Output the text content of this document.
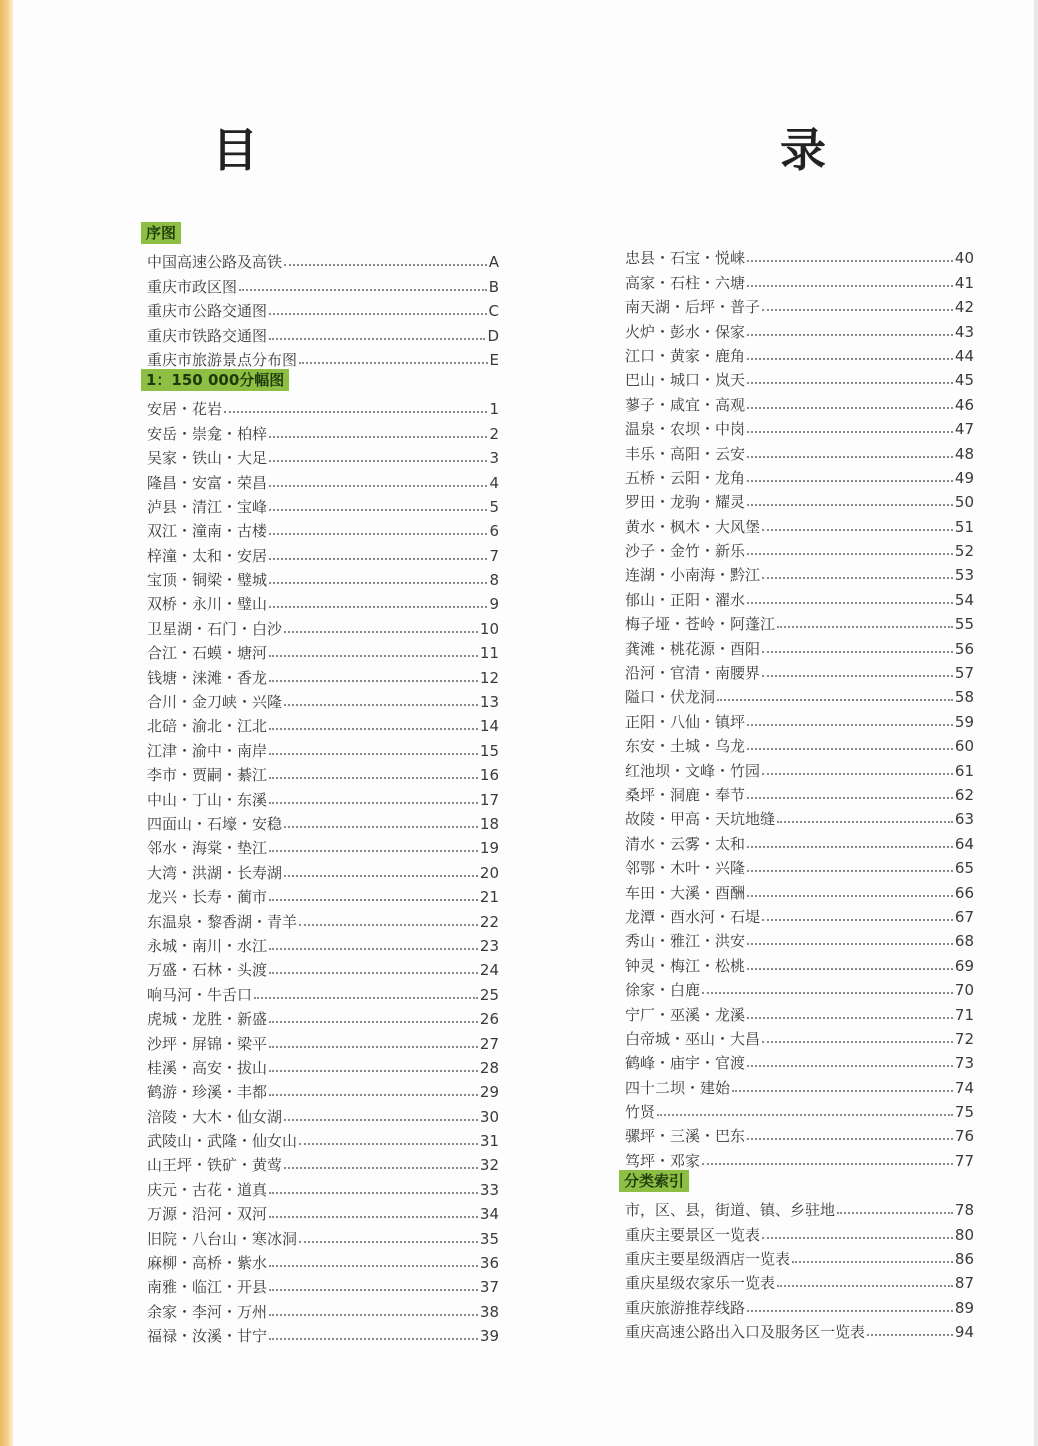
目　　　录
序图
中国高速公路及高铁	A
重庆市政区图	B
重庆市公路交通图	C
重庆市铁路交通图	D
重庆市旅游景点分布图	E
1：150 000分幅图
安居・花岩	1
安岳・崇龛・柏梓	2
吴家・铁山・大足	3
隆昌・安富・荣昌	4
泸县・清江・宝峰	5
双江・潼南・古楼	6
梓潼・太和・安居	7
宝顶・铜梁・璧城	8
双桥・永川・璧山	9
卫星湖・石门・白沙	10
合江・石蟆・塘河	11
钱塘・涞滩・香龙	12
合川・金刀峡・兴隆	13
北碚・渝北・江北	14
江津・渝中・南岸	15
李市・贾嗣・綦江	16
中山・丁山・东溪	17
四面山・石壕・安稳	18
邻水・海棠・垫江	19
大湾・洪湖・长寿湖	20
龙兴・长寿・蔺市	21
东温泉・黎香湖・青羊	22
永城・南川・水江	23
万盛・石林・头渡	24
响马河・牛舌口	25
虎城・龙胜・新盛	26
沙坪・屏锦・梁平	27
桂溪・高安・拔山	28
鹤游・珍溪・丰都	29
涪陵・大木・仙女湖	30
武陵山・武隆・仙女山	31
山王坪・铁矿・黄莺	32
庆元・古花・道真	33
万源・沿河・双河	34
旧院・八台山・寒冰洞	35
麻柳・高桥・紫水	36
南雅・临江・开县	37
余家・李河・万州	38
福禄・汝溪・甘宁	39
忠县・石宝・悦崃	40
高家・石柱・六塘	41
南天湖・后坪・普子	42
火炉・彭水・保家	43
江口・黄家・鹿角	44
巴山・城口・岚天	45
蓼子・咸宜・高观	46
温泉・农坝・中岗	47
丰乐・高阳・云安	48
五桥・云阳・龙角	49
罗田・龙驹・耀灵	50
黄水・枫木・大风堡	51
沙子・金竹・新乐	52
连湖・小南海・黔江	53
郁山・正阳・濯水	54
梅子垭・苍岭・阿蓬江	55
龚滩・桃花源・酉阳	56
沿河・官清・南腰界	57
隘口・伏龙洞	58
正阳・八仙・镇坪	59
东安・土城・乌龙	60
红池坝・文峰・竹园	61
桑坪・洞鹿・奉节	62
故陵・甲高・天坑地缝	63
清水・云雾・太和	64
邻鄂・木叶・兴隆	65
车田・大溪・酉酬	66
龙潭・酉水河・石堤	67
秀山・雅江・洪安	68
钟灵・梅江・松桃	69
徐家・白鹿	70
宁厂・巫溪・龙溪	71
白帝城・巫山・大昌	72
鹤峰・庙宇・官渡	73
四十二坝・建始	74
竹贤	75
骡坪・三溪・巴东	76
笃坪・邓家	77
分类索引
市，区、县，街道、镇、乡驻地	78
重庆主要景区一览表	80
重庆主要星级酒店一览表	86
重庆星级农家乐一览表	87
重庆旅游推荐线路	89
重庆高速公路出入口及服务区一览表	94
